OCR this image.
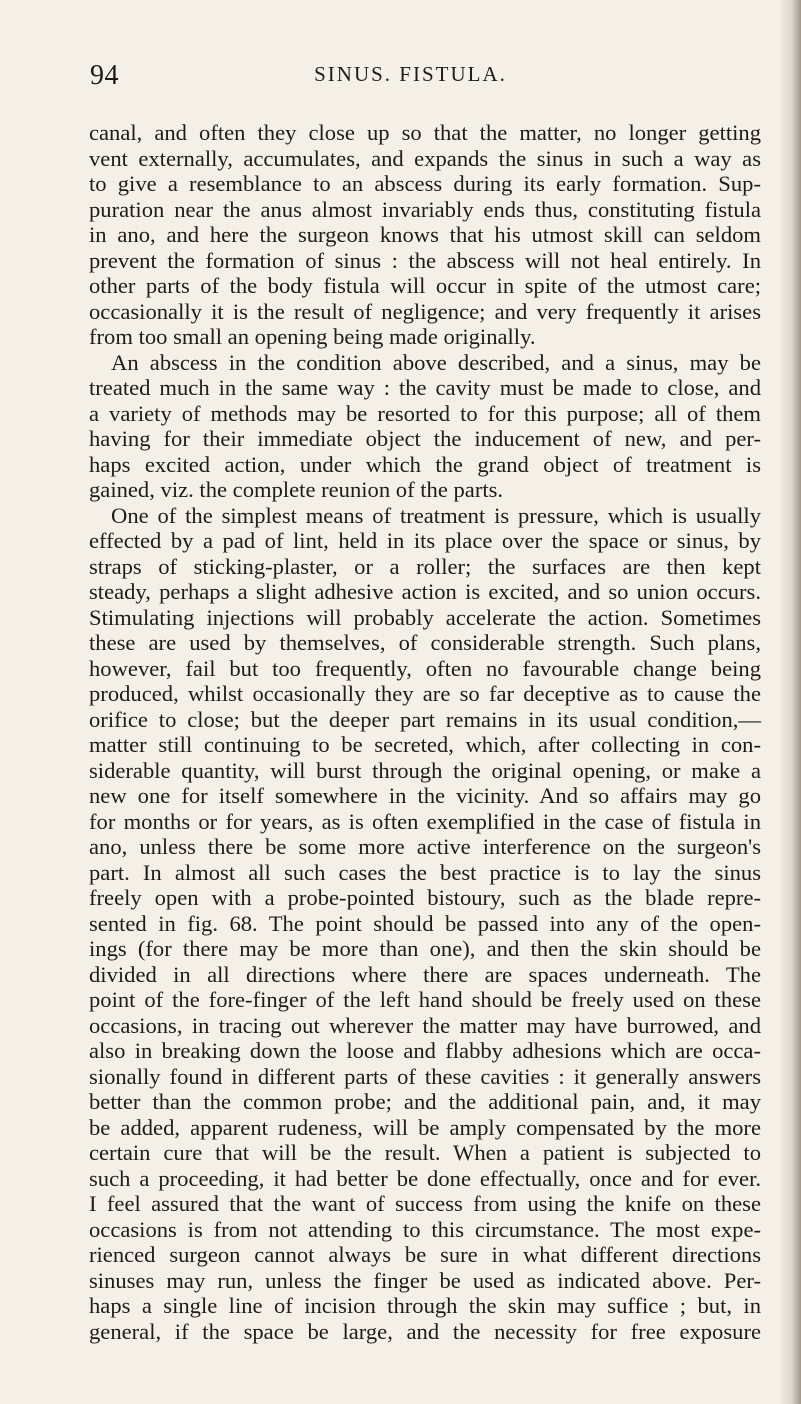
94	SINUS. FISTULA.
canal, and often they close up so that the matter, no longer getting
vent externally, accumulates, and expands the sinus in such a way as
to give a resemblance to an abscess during its early formation. Sup-
puration near the anus almost invariably ends thus, constituting fistula
in ano, and here the surgeon knows that his utmost skill can seldom
prevent the formation of sinus : the abscess will not heal entirely. In
other parts of the body fistula will occur in spite of the utmost care;
occasionally it is the result of negligence; and very frequently it arises
from too small an opening being made originally.
An abscess in the condition above described, and a sinus, may be
treated much in the same way : the cavity must be made to close, and
a variety of methods may be resorted to for this purpose; all of them
having for their immediate object the inducement of new, and per-
haps excited action, under which the grand object of treatment is
gained, viz. the complete reunion of the parts.
One of the simplest means of treatment is pressure, which is usually
effected by a pad of lint, held in its place over the space or sinus, by
straps of sticking-plaster, or a roller; the surfaces are then kept
steady, perhaps a slight adhesive action is excited, and so union occurs.
Stimulating injections will probably accelerate the action. Sometimes
these are used by themselves, of considerable strength. Such plans,
however, fail but too frequently, often no favourable change being
produced, whilst occasionally they are so far deceptive as to cause the
orifice to close; but the deeper part remains in its usual condition,—
matter still continuing to be secreted, which, after collecting in con-
siderable quantity, will burst through the original opening, or make a
new one for itself somewhere in the vicinity. And so affairs may go
for months or for years, as is often exemplified in the case of fistula in
ano, unless there be some more active interference on the surgeon's
part. In almost all such cases the best practice is to lay the sinus
freely open with a probe-pointed bistoury, such as the blade repre-
sented in fig. 68. The point should be passed into any of the open-
ings (for there may be more than one), and then the skin should be
divided in all directions where there are spaces underneath. The
point of the fore-finger of the left hand should be freely used on these
occasions, in tracing out wherever the matter may have burrowed, and
also in breaking down the loose and flabby adhesions which are occa-
sionally found in different parts of these cavities : it generally answers
better than the common probe; and the additional pain, and, it may
be added, apparent rudeness, will be amply compensated by the more
certain cure that will be the result. When a patient is subjected to
such a proceeding, it had better be done effectually, once and for ever.
I feel assured that the want of success from using the knife on these
occasions is from not attending to this circumstance. The most expe-
rienced surgeon cannot always be sure in what different directions
sinuses may run, unless the finger be used as indicated above. Per-
haps a single line of incision through the skin may suffice ; but, in
general, if the space be large, and the necessity for free exposure
